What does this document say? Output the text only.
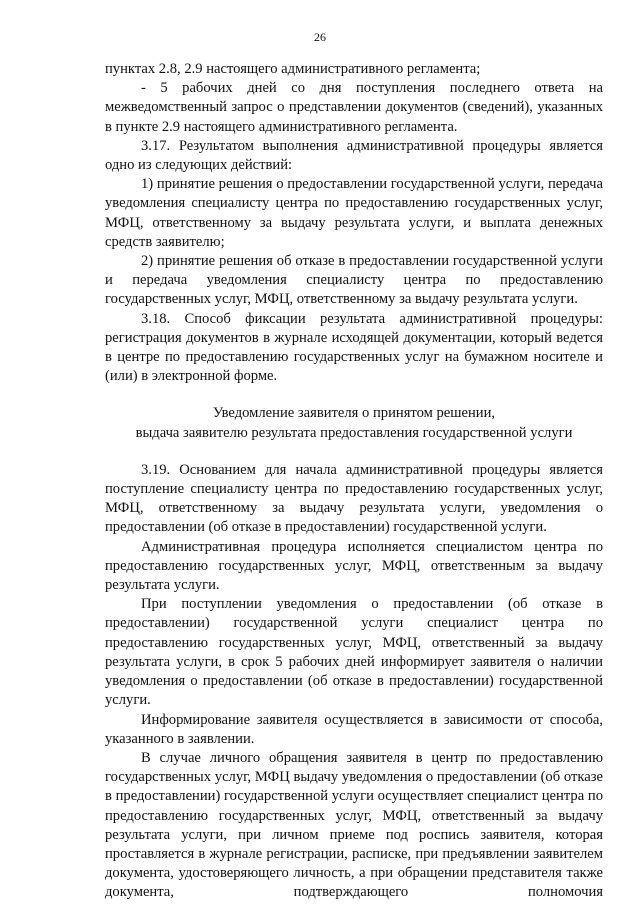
26

пунктах 2.8, 2.9 настоящего административного регламента;

- 5 рабочих дней со дня поступления последнего ответа на межведомственный запрос о представлении документов (сведений), указанных в пункте 2.9 настоящего административного регламента.

3.17. Результатом выполнения административной процедуры является одно из следующих действий:

1) принятие решения о предоставлении государственной услуги, передача уведомления специалисту центра по предоставлению государственных услуг, МФЦ, ответственному за выдачу результата услуги, и выплата денежных средств заявителю;

2) принятие решения об отказе в предоставлении государственной услуги и передача уведомления специалисту центра по предоставлению государственных услуг, МФЦ, ответственному за выдачу результата услуги.

3.18. Способ фиксации результата административной процедуры: регистрация документов в журнале исходящей документации, который ведется в центре по предоставлению государственных услуг на бумажном носителе и (или) в электронной форме.

Уведомление заявителя о принятом решении,
выдача заявителю результата предоставления государственной услуги

3.19. Основанием для начала административной процедуры является поступление специалисту центра по предоставлению государственных услуг, МФЦ, ответственному за выдачу результата услуги, уведомления о предоставлении (об отказе в предоставлении) государственной услуги.

Административная процедура исполняется специалистом центра по предоставлению государственных услуг, МФЦ, ответственным за выдачу результата услуги.

При поступлении уведомления о предоставлении (об отказе в предоставлении) государственной услуги специалист центра по предоставлению государственных услуг, МФЦ, ответственный за выдачу результата услуги, в срок 5 рабочих дней информирует заявителя о наличии уведомления о предоставлении (об отказе в предоставлении) государственной услуги.

Информирование заявителя осуществляется в зависимости от способа, указанного в заявлении.

В случае личного обращения заявителя в центр по предоставлению государственных услуг, МФЦ выдачу уведомления о предоставлении (об отказе в предоставлении) государственной услуги осуществляет специалист центра по предоставлению государственных услуг, МФЦ, ответственный за выдачу результата услуги, при личном приеме под роспись заявителя, которая проставляется в журнале регистрации, расписке, при предъявлении заявителем документа, удостоверяющего личность, а при обращении представителя также документа, подтверждающего полномочия
